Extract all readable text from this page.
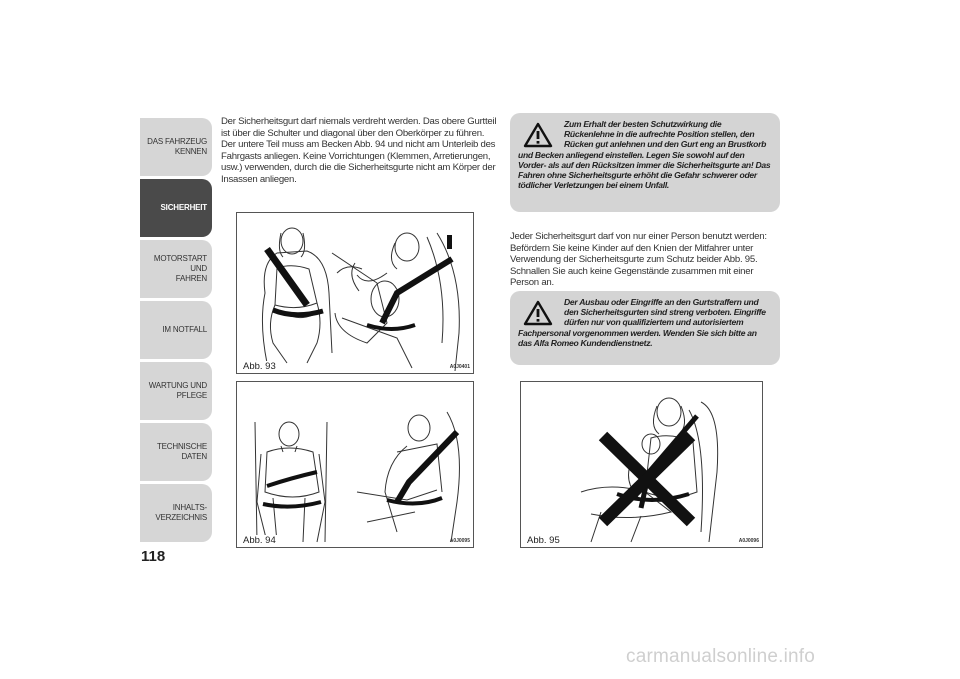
DAS FAHRZEUG
KENNEN
SICHERHEIT
MOTORSTART UND
FAHREN
IM NOTFALL
WARTUNG UND
PFLEGE
TECHNISCHE DATEN
INHALTS-
VERZEICHNIS
118

Der Sicherheitsgurt darf niemals verdreht werden. Das obere Gurtteil ist über die Schulter und diagonal über den Oberkörper zu führen. Der untere Teil muss am Becken Abb. 94 und nicht am Unterleib des Fahrgasts anliegen. Keine Vorrichtungen (Klemmen, Arretierungen, usw.) verwenden, durch die die Sicherheitsgurte nicht am Körper der Insassen anliegen.

Zum Erhalt der besten Schutzwirkung die Rückenlehne in die aufrechte Position stellen, den Rücken gut anlehnen und den Gurt eng an Brustkorb und Becken anliegend einstellen. Legen Sie sowohl auf den Vorder- als auf den Rücksitzen immer die Sicherheitsgurte an! Das Fahren ohne Sicherheitsgurte erhöht die Gefahr schwerer oder tödlicher Verletzungen bei einem Unfall.

Jeder Sicherheitsgurt darf von nur einer Person benutzt werden: Befördern Sie keine Kinder auf den Knien der Mitfahrer unter Verwendung der Sicherheitsgurte zum Schutz beider Abb. 95. Schnallen Sie auch keine Gegenstände zusammen mit einer Person an.

Der Ausbau oder Eingriffe an den Gurtstraffern und den Sicherheitsgurten sind streng verboten. Eingriffe dürfen nur von qualifiziertem und autorisiertem Fachpersonal vorgenommen werden. Wenden Sie sich bitte an das Alfa Romeo Kundendienstnetz.
Abb. 93	A0J0401
Abb. 94	A0J0095	Abb. 95	A0J0096
carmanualsonline.info
